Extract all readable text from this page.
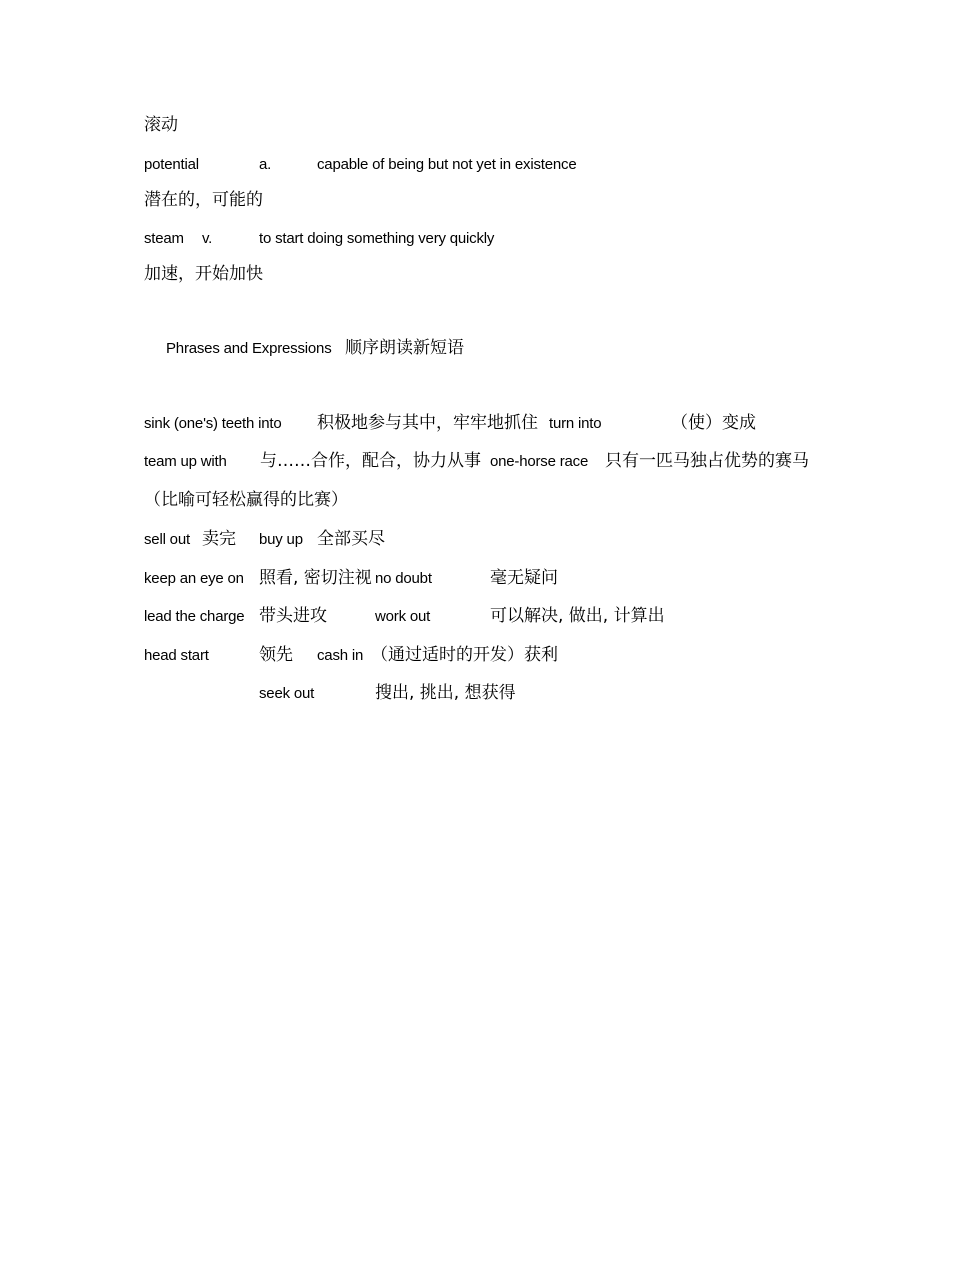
滚动
potential	a.	capable of being but not yet in existence
潜在的，可能的
steam v.	to start doing something very quickly
加速，开始加快
Phrases and Expressions 顺序朗读新短语
sink (one's) teeth into 积极地参与其中，牢牢地抓住 turn into	（使）变成
team up with 与……合作，配合，协力从事 one-horse race 只有一匹马独占优势的赛马
（比喻可轻松赢得的比赛）
sell out 卖完 buy up 全部买尽
keep an eye on 照看, 密切注视 no doubt	毫无疑问
lead the charge 带头进攻	work out	可以解决, 做出, 计算出
head start	领先 cash in （通过适时的开发）获利
seek out	搜出, 挑出, 想获得
